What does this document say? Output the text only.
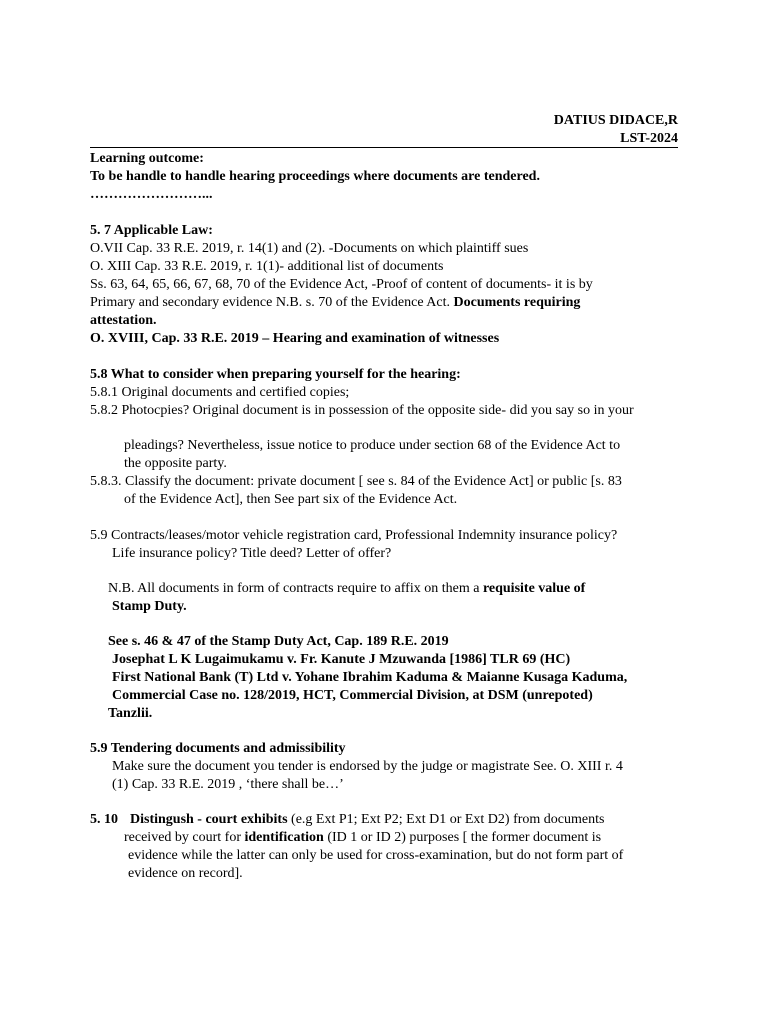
DATIUS DIDACE,R
LST-2024
Learning outcome:
To be handle to handle hearing proceedings where documents are tendered.
……………………...
5. 7 Applicable Law:
O.VII Cap. 33 R.E. 2019, r. 14(1) and (2). -Documents on which plaintiff sues
O. XIII Cap. 33 R.E. 2019, r. 1(1)- additional list of documents
Ss. 63, 64, 65, 66, 67, 68, 70 of the Evidence Act, -Proof of content of documents- it is by
Primary and secondary evidence N.B. s. 70 of the Evidence Act. Documents requiring
attestation.
O. XVIII, Cap. 33 R.E. 2019 – Hearing and examination of witnesses
5.8 What to consider when preparing yourself for the hearing:
5.8.1 Original documents and certified copies;
5.8.2 Photocpies? Original document is in possession of the opposite side- did you say so in your
pleadings? Nevertheless, issue notice to produce under section 68 of the Evidence Act to
the opposite party.
5.8.3. Classify the document: private document [ see s. 84 of the Evidence Act] or public [s. 83
of the Evidence Act], then See part six of the Evidence Act.
5.9 Contracts/leases/motor vehicle registration card, Professional Indemnity insurance policy?
Life insurance policy? Title deed? Letter of offer?
N.B. All documents in form of contracts require to affix on them a requisite value of
Stamp Duty.
See s. 46 & 47 of the Stamp Duty Act, Cap. 189 R.E. 2019
Josephat L K Lugaimukamu v. Fr. Kanute J Mzuwanda [1986] TLR 69 (HC)
First National Bank (T) Ltd v. Yohane Ibrahim Kaduma & Maianne Kusaga Kaduma,
Commercial Case no. 128/2019, HCT, Commercial Division, at DSM (unrepoted)
Tanzlii.
5.9 Tendering documents and admissibility
Make sure the document you tender is endorsed by the judge or magistrate See. O. XIII r. 4
(1) Cap. 33 R.E. 2019 , ‘there shall be…’
5. 10 Distingush - court exhibits (e.g Ext P1; Ext P2; Ext D1 or Ext D2) from documents
received by court for identification (ID 1 or ID 2) purposes [ the former document is
evidence while the latter can only be used for cross-examination, but do not form part of
evidence on record].
